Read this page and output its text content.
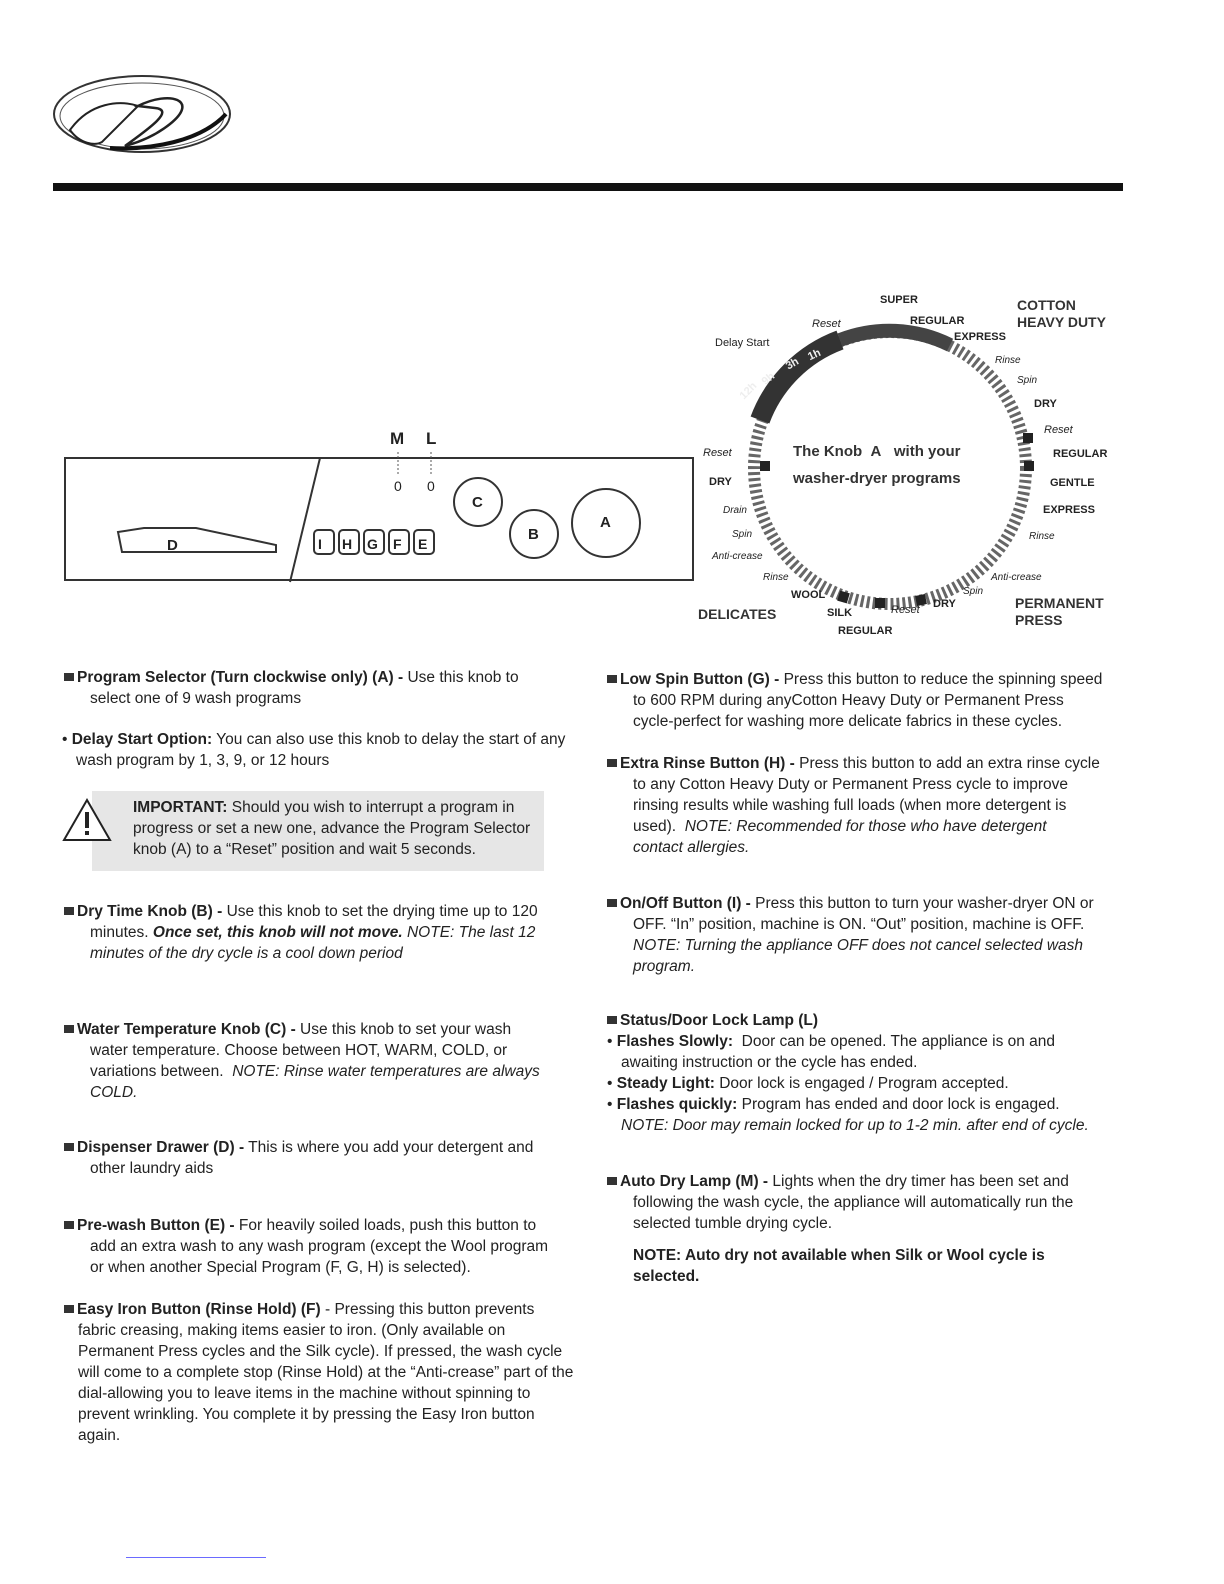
D
M L
0 0
I H G F E
C
B
A
12h
9h
3h
1h
The Knob A with your
washer-dryer programs
Delay Start
SUPER
Reset	REGULAR
EXPRESS
Rinse
Spin
DRY
Reset
REGULAR
GENTLE
EXPRESS
Rinse
Anti-crease
Spin
DRY
Reset
SILK
REGULAR
WOOL
Rinse
Anti-crease
Spin
Drain
DRY
Reset
COTTON
HEAVY DUTY
PERMANENT
PRESS
DELICATES
Program Selector (Turn clockwise only) (A) - Use this knob to
select one of 9 wash programs
• Delay Start Option: You can also use this knob to delay the start of any
wash program by 1, 3, 9, or 12 hours
IMPORTANT: Should you wish to interrupt a program in
progress or set a new one, advance the Program Selector
knob (A) to a “Reset” position and wait 5 seconds.
Dry Time Knob (B) - Use this knob to set the drying time up to 120
minutes. Once set, this knob will not move. NOTE: The last 12
minutes of the dry cycle is a cool down period
Water Temperature Knob (C) - Use this knob to set your wash
water temperature. Choose between HOT, WARM, COLD, or
variations between. NOTE: Rinse water temperatures are always
COLD.
Dispenser Drawer (D) - This is where you add your detergent and
other laundry aids
Pre-wash Button (E) - For heavily soiled loads, push this button to
add an extra wash to any wash program (except the Wool program
or when another Special Program (F, G, H) is selected).
Easy Iron Button (Rinse Hold) (F) - Pressing this button prevents
fabric creasing, making items easier to iron. (Only available on
Permanent Press cycles and the Silk cycle). If pressed, the wash cycle
will come to a complete stop (Rinse Hold) at the “Anti-crease” part of the
dial-allowing you to leave items in the machine without spinning to
prevent wrinkling. You complete it by pressing the Easy Iron button
again.
Low Spin Button (G) - Press this button to reduce the spinning speed
to 600 RPM during anyCotton Heavy Duty or Permanent Press
cycle-perfect for washing more delicate fabrics in these cycles.
Extra Rinse Button (H) - Press this button to add an extra rinse cycle
to any Cotton Heavy Duty or Permanent Press cycle to improve
rinsing results while washing full loads (when more detergent is
used). NOTE: Recommended for those who have detergent
contact allergies.
On/Off Button (I) - Press this button to turn your washer-dryer ON or
OFF. “In” position, machine is ON. “Out” position, machine is OFF.
NOTE: Turning the appliance OFF does not cancel selected wash
program.
Status/Door Lock Lamp (L)
• Flashes Slowly: Door can be opened. The appliance is on and
awaiting instruction or the cycle has ended.
• Steady Light: Door lock is engaged / Program accepted.
• Flashes quickly: Program has ended and door lock is engaged.
NOTE: Door may remain locked for up to 1-2 min. after end of cycle.
Auto Dry Lamp (M) - Lights when the dry timer has been set and
following the wash cycle, the appliance will automatically run the
selected tumble drying cycle.
NOTE: Auto dry not available when Silk or Wool cycle is
selected.
